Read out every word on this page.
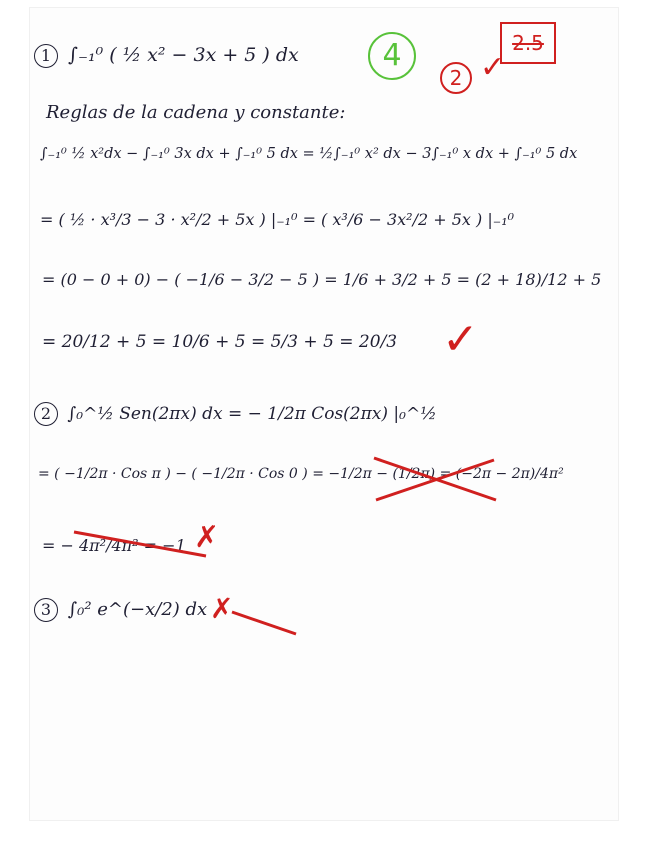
4
2 ✓
2.5
1 ∫₋₁⁰ ( ½ x² − 3x + 5 ) dx
Reglas de la cadena y constante:
∫₋₁⁰ ½ x²dx − ∫₋₁⁰ 3x dx + ∫₋₁⁰ 5 dx = ½∫₋₁⁰ x² dx − 3∫₋₁⁰ x dx + ∫₋₁⁰ 5 dx
= ( ½ · x³/3 − 3 · x²/2 + 5x ) |₋₁⁰ = ( x³/6 − 3x²/2 + 5x ) |₋₁⁰
= (0 − 0 + 0) − ( −1/6 − 3/2 − 5 ) = 1/6 + 3/2 + 5 = (2 + 18)/12 + 5
= 20/12 + 5 = 10/6 + 5 = 5/3 + 5 = 20/3 ✓
2 ∫₀^½ Sen(2πx) dx = − 1/2π Cos(2πx) |₀^½
= ( −1/2π · Cos π ) − ( −1/2π · Cos 0 ) = −1/2π − (1/2π) = (−2π − 2π)/4π²
= − 4π²/4π² = −1 ✗
3 ∫₀² e^(−x/2) dx ✗
